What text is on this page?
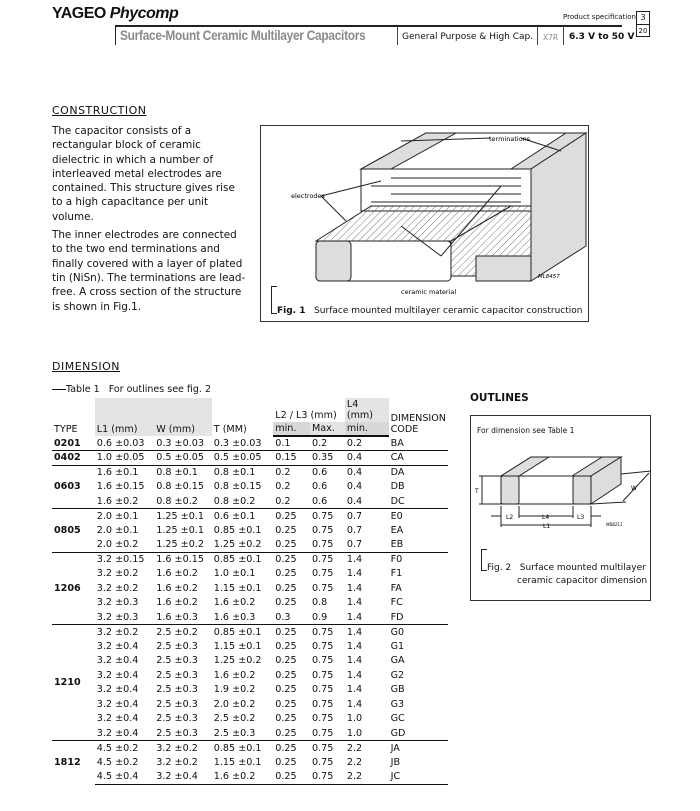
YAGEO Phycomp	Product specification 3
20
Surface-Mount Ceramic Multilayer Capacitors	General Purpose & High Cap. X7R 6.3 V to 50 V
CONSTRUCTION

The capacitor consists of a rectangular block of ceramic dielectric in which a number of interleaved metal electrodes are contained. This structure gives rise to a high capacitance per unit volume.

The inner electrodes are connected to the two end terminations and finally covered with a layer of plated tin (NiSn). The terminations are lead-free. A cross section of the structure is shown in Fig.1.

terminations
electrodes
ceramic material
ML8457
Fig. 1 Surface mounted multilayer ceramic capacitor construction
DIMENSION
Table 1 For outlines see fig. 2
TYPE	L1 (mm)	W (mm)	T (MM)	L2 / L3 (mm)		L4 (mm)	DIMENSION CODE
				min.	Max.	min.	
0201	0.6 ±0.03	0.3 ±0.03	0.3 ±0.03	0.1	0.2	0.2	BA
0402	1.0 ±0.05	0.5 ±0.05	0.5 ±0.05	0.15	0.35	0.4	CA
0603	1.6 ±0.1	0.8 ±0.1	0.8 ±0.1	0.2	0.6	0.4	DA
	1.6 ±0.15	0.8 ±0.15	0.8 ±0.15	0.2	0.6	0.4	DB
	1.6 ±0.2	0.8 ±0.2	0.8 ±0.2	0.2	0.6	0.4	DC
0805	2.0 ±0.1	1.25 ±0.1	0.6 ±0.1	0.25	0.75	0.7	E0
	2.0 ±0.1	1.25 ±0.1	0.85 ±0.1	0.25	0.75	0.7	EA
	2.0 ±0.2	1.25 ±0.2	1.25 ±0.2	0.25	0.75	0.7	EB
1206	3.2 ±0.15	1.6 ±0.15	0.85 ±0.1	0.25	0.75	1.4	F0
	3.2 ±0.2	1.6 ±0.2	1.0 ±0.1	0.25	0.75	1.4	F1
	3.2 ±0.2	1.6 ±0.2	1.15 ±0.1	0.25	0.75	1.4	FA
	3.2 ±0.3	1.6 ±0.2	1.6 ±0.2	0.25	0.8	1.4	FC
	3.2 ±0.3	1.6 ±0.3	1.6 ±0.3	0.3	0.9	1.4	FD
1210	3.2 ±0.2	2.5 ±0.2	0.85 ±0.1	0.25	0.75	1.4	G0
	3.2 ±0.4	2.5 ±0.3	1.15 ±0.1	0.25	0.75	1.4	G1
	3.2 ±0.4	2.5 ±0.3	1.25 ±0.2	0.25	0.75	1.4	GA
	3.2 ±0.4	2.5 ±0.3	1.6 ±0.2	0.25	0.75	1.4	G2
	3.2 ±0.4	2.5 ±0.3	1.9 ±0.2	0.25	0.75	1.4	GB
	3.2 ±0.4	2.5 ±0.3	2.0 ±0.2	0.25	0.75	1.4	G3
	3.2 ±0.4	2.5 ±0.3	2.5 ±0.2	0.25	0.75	1.0	GC
	3.2 ±0.4	2.5 ±0.3	2.5 ±0.3	0.25	0.75	1.0	GD
1812	4.5 ±0.2	3.2 ±0.2	0.85 ±0.1	0.25	0.75	2.2	JA
	4.5 ±0.2	3.2 ±0.2	1.15 ±0.1	0.25	0.75	2.2	JB
	4.5 ±0.4	3.2 ±0.4	1.6 ±0.2	0.25	0.75	2.2	JC
OUTLINES
For dimension see Table 1
T	W
L2	L4	L3
L1	MBB211
Fig. 2 Surface mounted multilayer
ceramic capacitor dimension
